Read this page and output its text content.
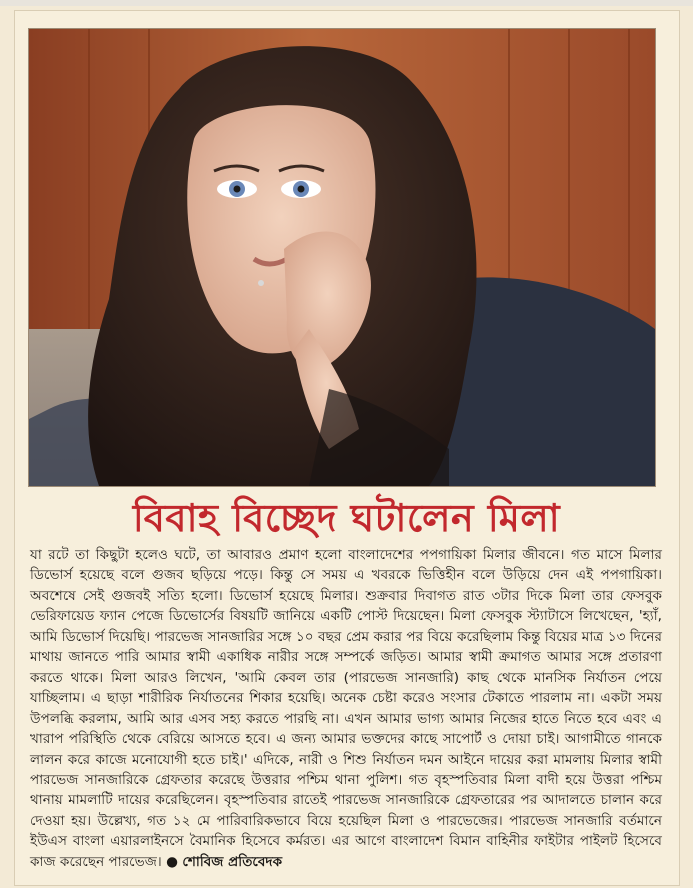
বিবাহ বিচ্ছেদ ঘটালেন মিলা
যা রটে তা কিছুটা হলেও ঘটে, তা আবারও প্রমাণ হলো বাংলাদেশের পপগায়িকা মিলার জীবনে। গত মাসে মিলার ডিভোর্স হয়েছে বলে গুজব ছড়িয়ে পড়ে। কিন্তু সে সময় এ খবরকে ভিত্তিহীন বলে উড়িয়ে দেন এই পপগায়িকা। অবশেষে সেই গুজবই সত্যি হলো। ডিভোর্স হয়েছে মিলার। শুক্রবার দিবাগত রাত ৩টার দিকে মিলা তার ফেসবুক ভেরিফায়েড ফ্যান পেজে ডিভোর্সের বিষয়টি জানিয়ে একটি পোস্ট দিয়েছেন। মিলা ফেসবুক স্ট্যাটাসে লিখেছেন, 'হ্যাঁ, আমি ডিভোর্স দিয়েছি। পারভেজ সানজারির সঙ্গে ১০ বছর প্রেম করার পর বিয়ে করেছিলাম কিন্তু বিয়ের মাত্র ১৩ দিনের মাথায় জানতে পারি আমার স্বামী একাধিক নারীর সঙ্গে সম্পর্কে জড়িত। আমার স্বামী ক্রমাগত আমার সঙ্গে প্রতারণা করতে থাকে। মিলা আরও লিখেন, 'আমি কেবল তার (পারভেজ সানজারি) কাছ থেকে মানসিক নির্যাতন পেয়ে যাচ্ছিলাম। এ ছাড়া শারীরিক নির্যাতনের শিকার হয়েছি। অনেক চেষ্টা করেও সংসার টেকাতে পারলাম না। একটা সময় উপলব্ধি করলাম, আমি আর এসব সহ্য করতে পারছি না। এখন আমার ভাগ্য আমার নিজের হাতে নিতে হবে এবং এ খারাপ পরিস্থিতি থেকে বেরিয়ে আসতে হবে। এ জন্য আমার ভক্তদের কাছে সাপোর্ট ও দোয়া চাই। আগামীতে গানকে লালন করে কাজে মনোযোগী হতে চাই।' এদিকে, নারী ও শিশু নির্যাতন দমন আইনে দায়ের করা মামলায় মিলার স্বামী পারভেজ সানজারিকে গ্রেফতার করেছে উত্তরার পশ্চিম থানা পুলিশ। গত বৃহস্পতিবার মিলা বাদী হয়ে উত্তরা পশ্চিম থানায় মামলাটি দায়ের করেছিলেন। বৃহস্পতিবার রাতেই পারভেজ সানজারিকে গ্রেফতারের পর আদালতে চালান করে দেওয়া হয়। উল্লেখ্য, গত ১২ মে পারিবারিকভাবে বিয়ে হয়েছিল মিলা ও পারভেজের। পারভেজ সানজারি বর্তমানে ইউএস বাংলা এয়ারলাইনসে বৈমানিক হিসেবে কর্মরত। এর আগে বাংলাদেশ বিমান বাহিনীর ফাইটার পাইলট হিসেবে কাজ করেছেন পারভেজ। ● শোবিজ প্রতিবেদক
